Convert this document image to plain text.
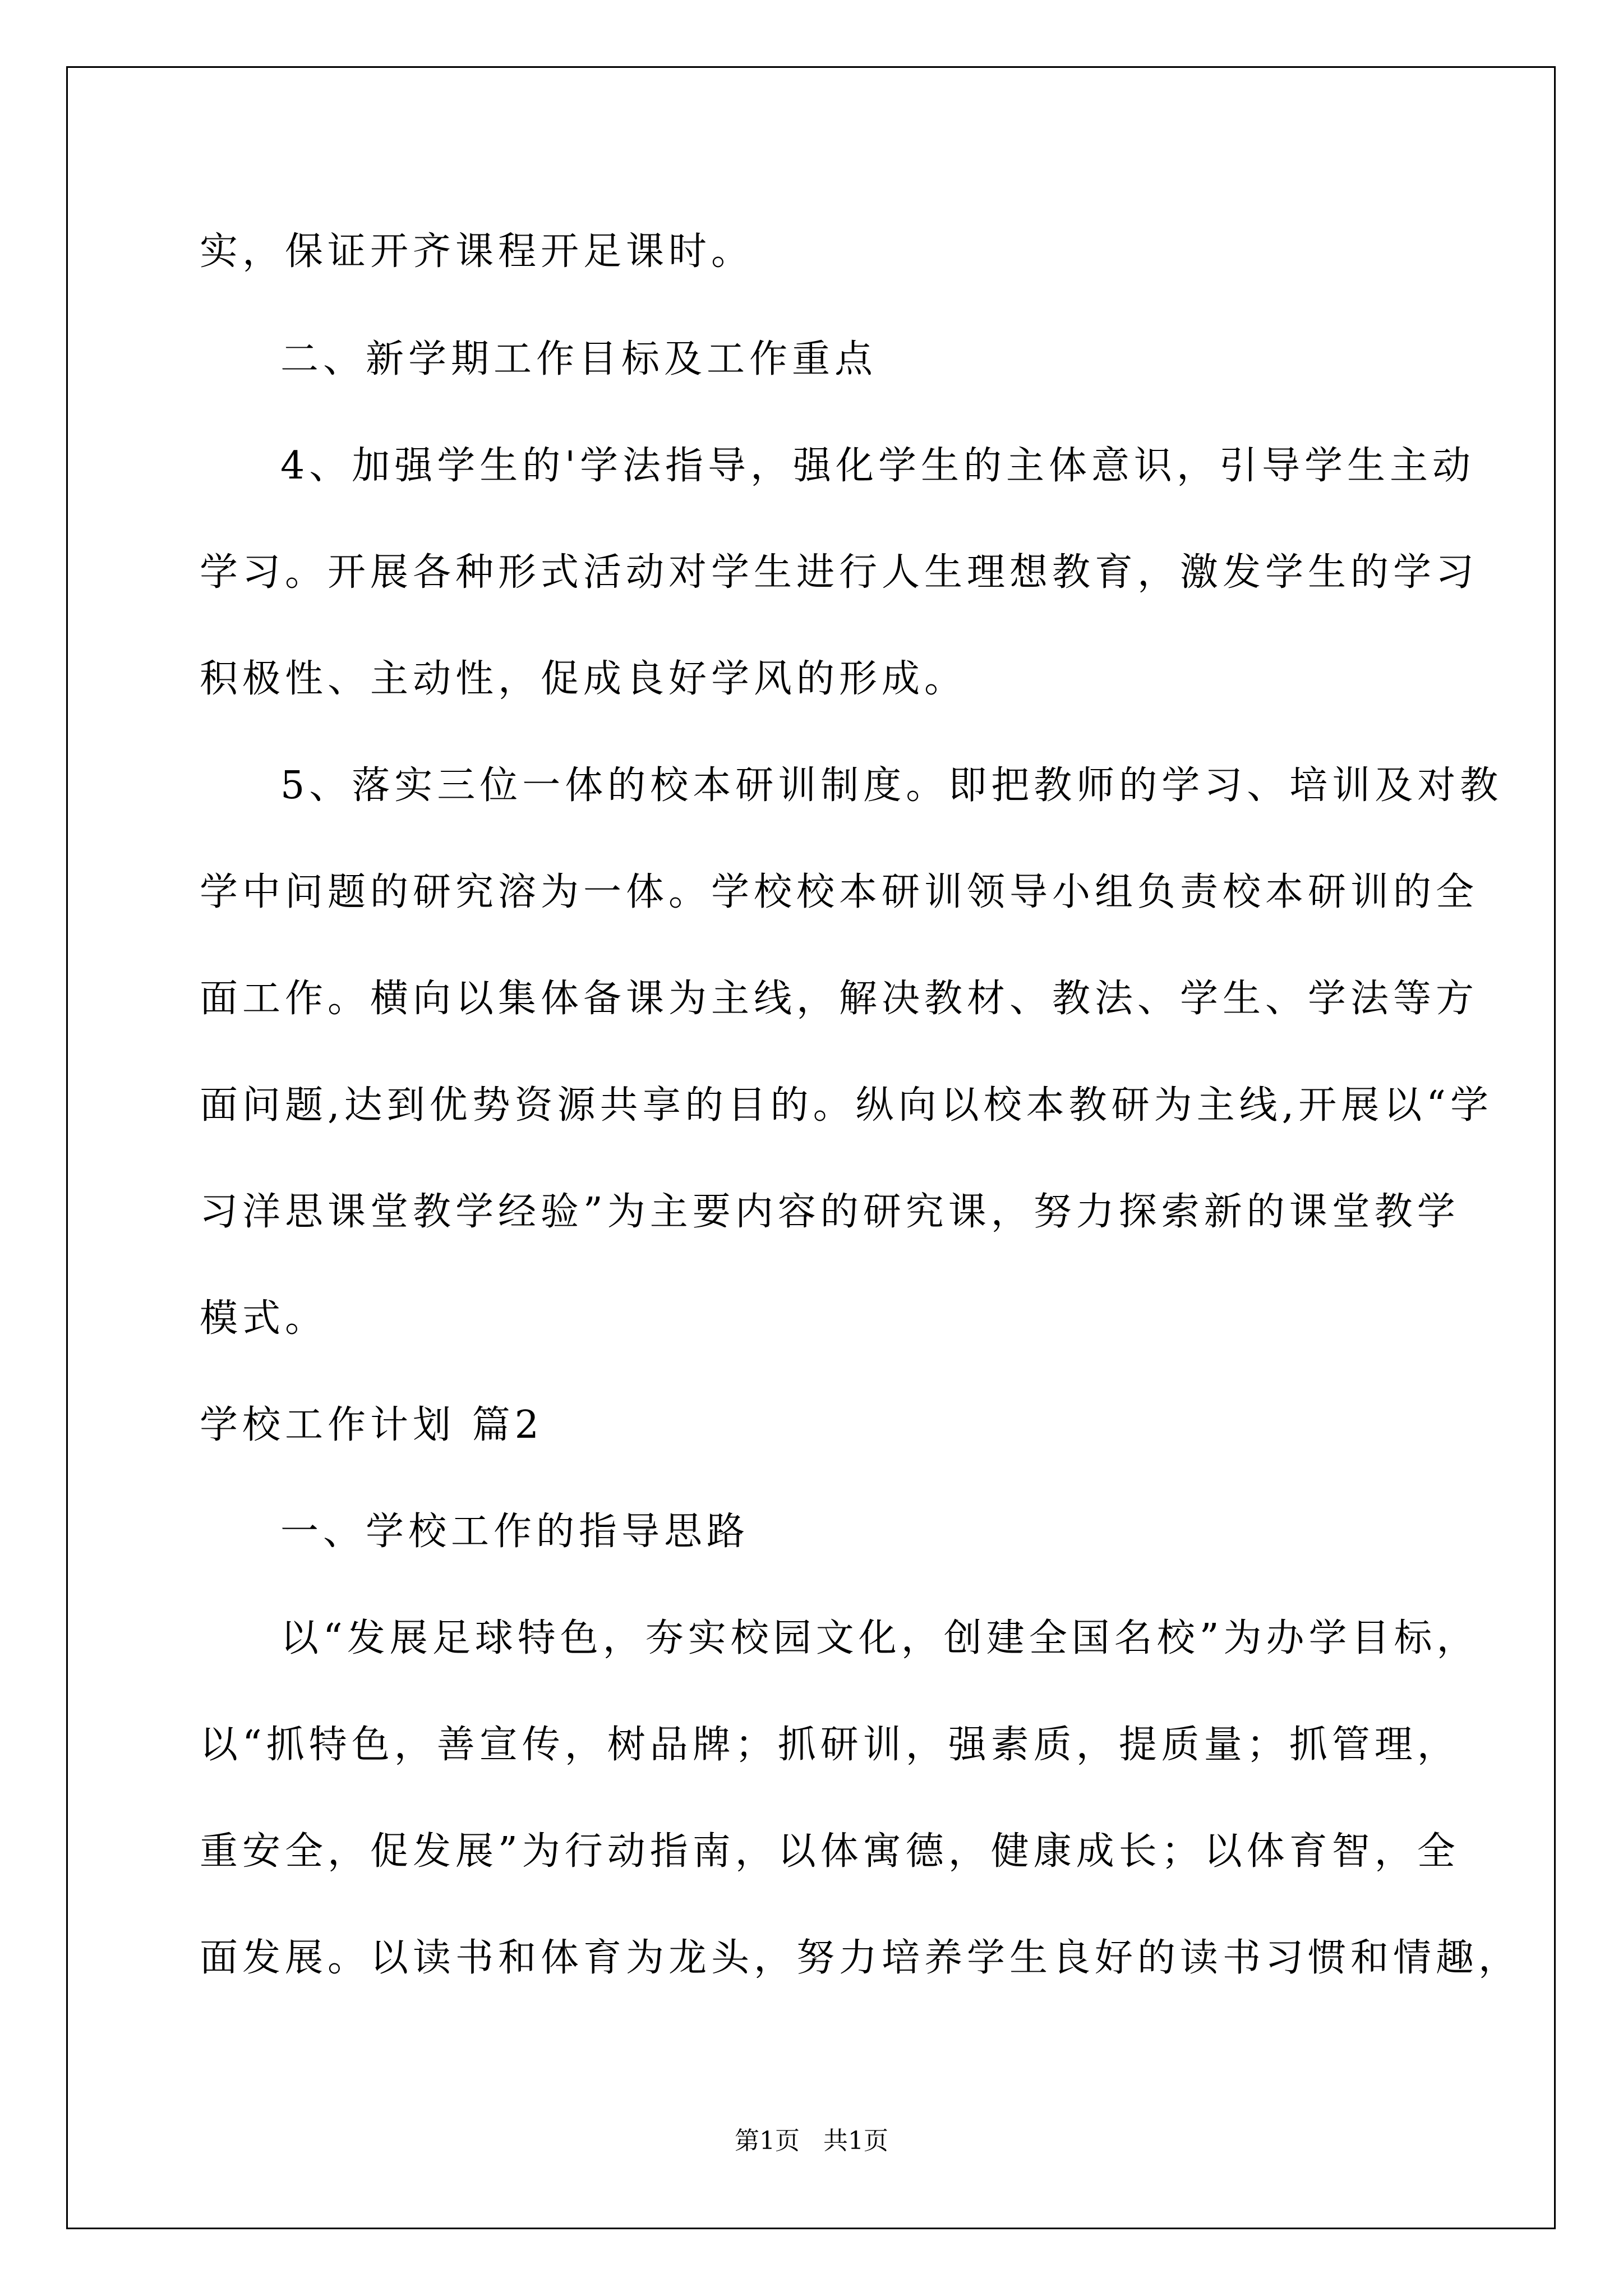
实，保证开齐课程开足课时。
二、新学期工作目标及工作重点
4、加强学生的'学法指导，强化学生的主体意识，引导学生主动
学习。开展各种形式活动对学生进行人生理想教育，激发学生的学习
积极性、主动性，促成良好学风的形成。
5、落实三位一体的校本研训制度。即把教师的学习、培训及对教
学中问题的研究溶为一体。学校校本研训领导小组负责校本研训的全
面工作。横向以集体备课为主线，解决教材、教法、学生、学法等方
面问题,达到优势资源共享的目的。纵向以校本教研为主线,开展以“学
习洋思课堂教学经验”为主要内容的研究课，努力探索新的课堂教学
模式。
学校工作计划 篇2
一、学校工作的指导思路
以“发展足球特色，夯实校园文化，创建全国名校”为办学目标，
以“抓特色，善宣传，树品牌；抓研训，强素质，提质量；抓管理，
重安全，促发展”为行动指南，以体寓德，健康成长；以体育智，全
面发展。以读书和体育为龙头，努力培养学生良好的读书习惯和情趣，
第1页   共1页
